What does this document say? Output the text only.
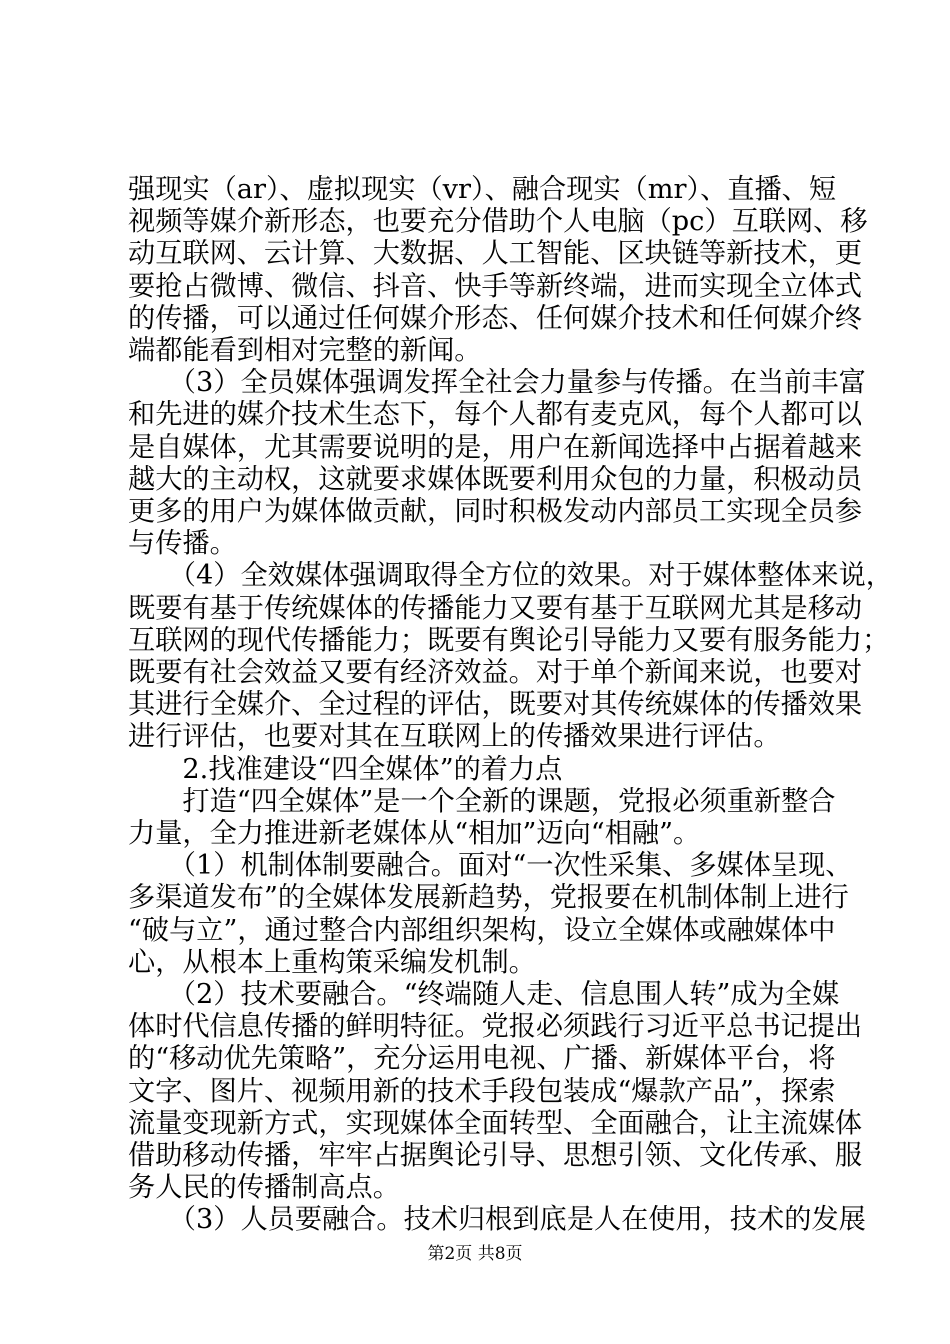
强现实（ar）、虚拟现实（vr）、融合现实（mr）、直播、短
视频等媒介新形态，也要充分借助个人电脑（pc）互联网、移
动互联网、云计算、大数据、人工智能、区块链等新技术，更
要抢占微博、微信、抖音、快手等新终端，进而实现全立体式
的传播，可以通过任何媒介形态、任何媒介技术和任何媒介终
端都能看到相对完整的新闻。
　　（3）全员媒体强调发挥全社会力量参与传播。在当前丰富
和先进的媒介技术生态下，每个人都有麦克风，每个人都可以
是自媒体，尤其需要说明的是，用户在新闻选择中占据着越来
越大的主动权，这就要求媒体既要利用众包的力量，积极动员
更多的用户为媒体做贡献，同时积极发动内部员工实现全员参
与传播。
　　（4）全效媒体强调取得全方位的效果。对于媒体整体来说，
既要有基于传统媒体的传播能力又要有基于互联网尤其是移动
互联网的现代传播能力；既要有舆论引导能力又要有服务能力；
既要有社会效益又要有经济效益。对于单个新闻来说，也要对
其进行全媒介、全过程的评估，既要对其传统媒体的传播效果
进行评估，也要对其在互联网上的传播效果进行评估。
　　2.找准建设“四全媒体”的着力点
　　打造“四全媒体”是一个全新的课题，党报必须重新整合
力量，全力推进新老媒体从“相加”迈向“相融”。
　　（1）机制体制要融合。面对“一次性采集、多媒体呈现、
多渠道发布”的全媒体发展新趋势，党报要在机制体制上进行
“破与立”，通过整合内部组织架构，设立全媒体或融媒体中
心，从根本上重构策采编发机制。
　　（2）技术要融合。“终端随人走、信息围人转”成为全媒
体时代信息传播的鲜明特征。党报必须践行习近平总书记提出
的“移动优先策略”，充分运用电视、广播、新媒体平台，将
文字、图片、视频用新的技术手段包装成“爆款产品”，探索
流量变现新方式，实现媒体全面转型、全面融合，让主流媒体
借助移动传播，牢牢占据舆论引导、思想引领、文化传承、服
务人民的传播制高点。
　　（3）人员要融合。技术归根到底是人在使用，技术的发展
第2页 共8页
